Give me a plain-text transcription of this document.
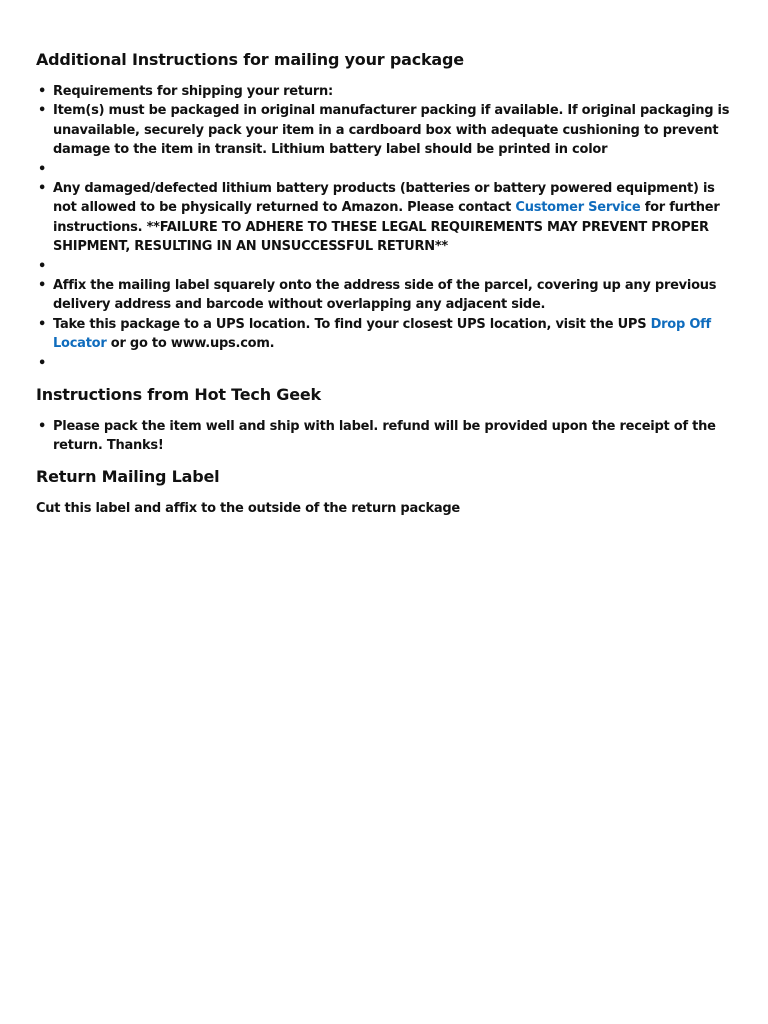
Additional Instructions for mailing your package
• Requirements for shipping your return:
• Item(s) must be packaged in original manufacturer packing if available. If original packaging is unavailable, securely pack your item in a cardboard box with adequate cushioning to prevent damage to the item in transit. Lithium battery label should be printed in color
•
• Any damaged/defected lithium battery products (batteries or battery powered equipment) is not allowed to be physically returned to Amazon. Please contact Customer Service for further instructions. **FAILURE TO ADHERE TO THESE LEGAL REQUIREMENTS MAY PREVENT PROPER SHIPMENT, RESULTING IN AN UNSUCCESSFUL RETURN**
•
• Affix the mailing label squarely onto the address side of the parcel, covering up any previous delivery address and barcode without overlapping any adjacent side.
• Take this package to a UPS location. To find your closest UPS location, visit the UPS Drop Off Locator or go to www.ups.com.
•
Instructions from Hot Tech Geek
• Please pack the item well and ship with label. refund will be provided upon the receipt of the return. Thanks!
Return Mailing Label

Cut this label and affix to the outside of the return package
